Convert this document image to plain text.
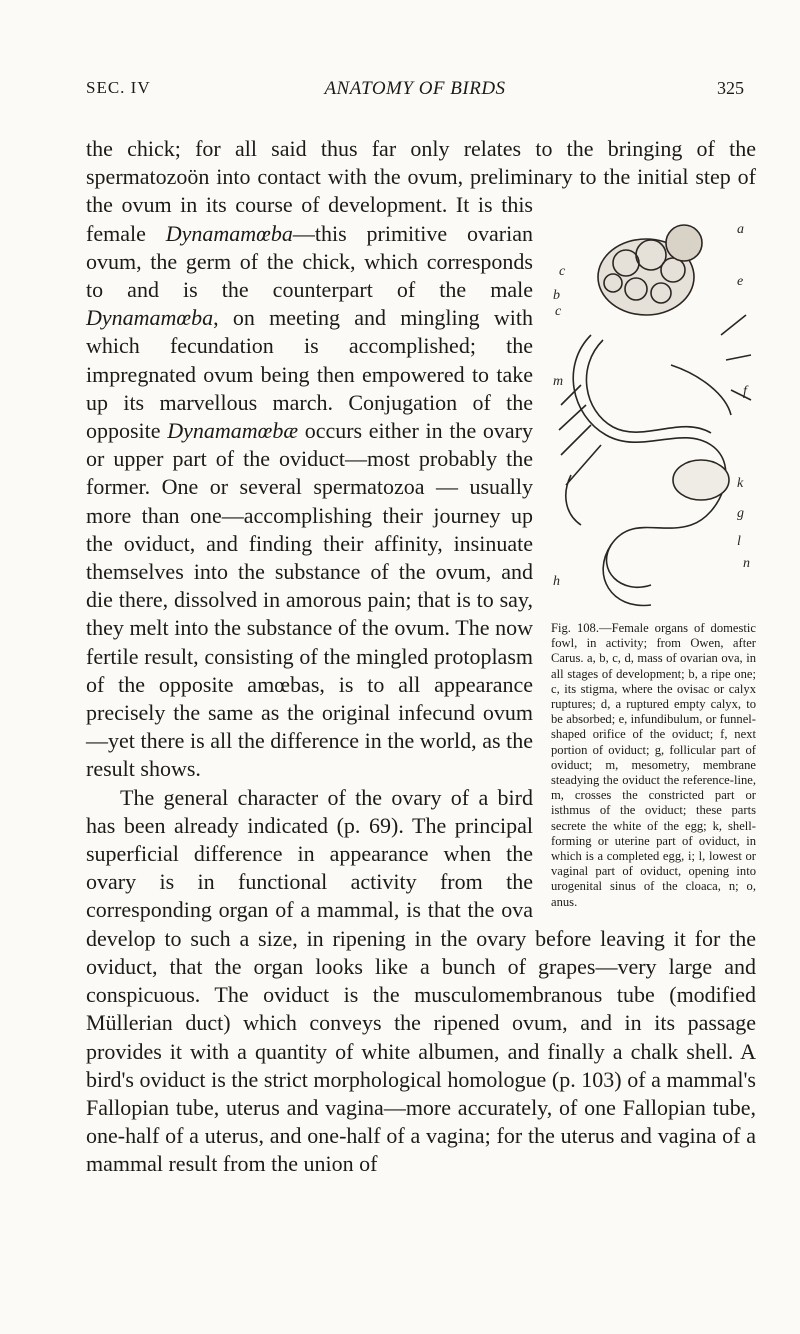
SEC. IV	ANATOMY OF BIRDS	325
a
c
b
c
e
m
f
k
g
l
h
n
Fig. 108.—Female organs of domestic fowl, in activity; from Owen, after Carus. a, b, c, d, mass of ovarian ova, in all stages of development; b, a ripe one; c, its stigma, where the ovisac or calyx ruptures; d, a ruptured empty calyx, to be absorbed; e, infundibulum, or funnel-shaped orifice of the oviduct; f, next portion of oviduct; g, follicular part of oviduct; m, mesometry, membrane steadying the oviduct the reference-line, m, crosses the constricted part or isthmus of the oviduct; these parts secrete the white of the egg; k, shell-forming or uterine part of oviduct, in which is a completed egg, i; l, lowest or vaginal part of oviduct, opening into urogenital sinus of the cloaca, n; o, anus.

the chick; for all said thus far only relates to the bringing of the spermatozoön into contact with the ovum, preliminary to the initial step of the ovum in its course of development. It is this female Dynamamœba—this primitive ovarian ovum, the germ of the chick, which corresponds to and is the counterpart of the male Dynamamœba, on meeting and mingling with which fecundation is accomplished; the impregnated ovum being then empowered to take up its marvellous march. Conjugation of the opposite Dynamamœbæ occurs either in the ovary or upper part of the oviduct—most probably the former. One or several spermatozoa — usually more than one—accomplishing their journey up the oviduct, and finding their affinity, insinuate themselves into the substance of the ovum, and die there, dissolved in amorous pain; that is to say, they melt into the substance of the ovum. The now fertile result, consisting of the mingled protoplasm of the opposite amœbas, is to all appearance precisely the same as the original infecund ovum—yet there is all the difference in the world, as the result shows.

The general character of the ovary of a bird has been already indicated (p. 69). The principal superficial difference in appearance when the ovary is in functional activity from the corresponding organ of a mammal, is that the ova develop to such a size, in ripening in the ovary before leaving it for the oviduct, that the organ looks like a bunch of grapes—very large and conspicuous. The oviduct is the musculomembranous tube (modified Müllerian duct) which conveys the ripened ovum, and in its passage provides it with a quantity of white albumen, and finally a chalk shell. A bird's oviduct is the strict morphological homologue (p. 103) of a mammal's Fallopian tube, uterus and vagina—more accurately, of one Fallopian tube, one-half of a uterus, and one-half of a vagina; for the uterus and vagina of a mammal result from the union of
